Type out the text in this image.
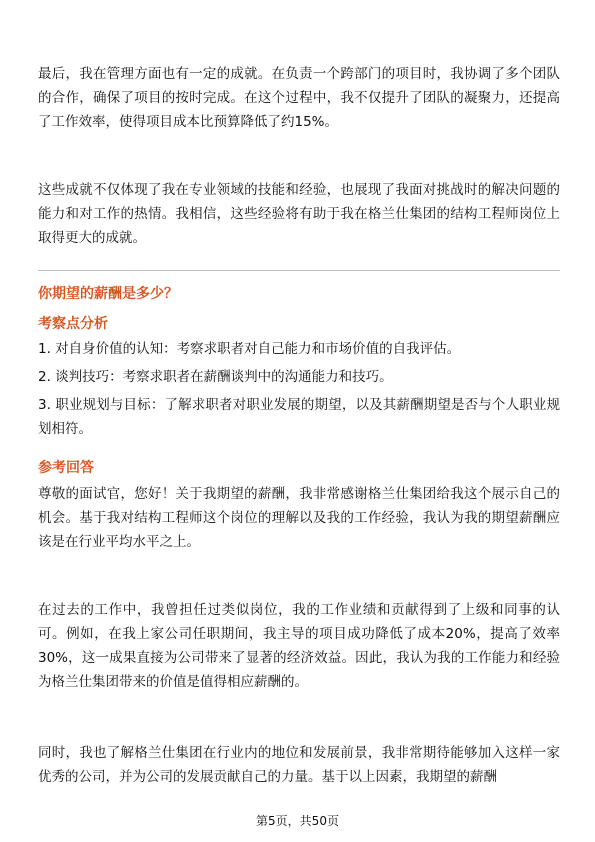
最后，我在管理方面也有一定的成就。在负责一个跨部门的项目时，我协调了多个团队的合作，确保了项目的按时完成。在这个过程中，我不仅提升了团队的凝聚力，还提高了工作效率，使得项目成本比预算降低了约15%。

这些成就不仅体现了我在专业领域的技能和经验，也展现了我面对挑战时的解决问题的能力和对工作的热情。我相信，这些经验将有助于我在格兰仕集团的结构工程师岗位上取得更大的成就。

你期望的薪酬是多少？
考察点分析

1. 对自身价值的认知：考察求职者对自己能力和市场价值的自我评估。

2. 谈判技巧：考察求职者在薪酬谈判中的沟通能力和技巧。

3. 职业规划与目标：了解求职者对职业发展的期望，以及其薪酬期望是否与个人职业规划相符。

参考回答

尊敬的面试官，您好！关于我期望的薪酬，我非常感谢格兰仕集团给我这个展示自己的机会。基于我对结构工程师这个岗位的理解以及我的工作经验，我认为我的期望薪酬应该是在行业平均水平之上。

在过去的工作中，我曾担任过类似岗位，我的工作业绩和贡献得到了上级和同事的认可。例如，在我上家公司任职期间，我主导的项目成功降低了成本20%，提高了效率30%，这一成果直接为公司带来了显著的经济效益。因此，我认为我的工作能力和经验为格兰仕集团带来的价值是值得相应薪酬的。

同时，我也了解格兰仕集团在行业内的地位和发展前景，我非常期待能够加入这样一家优秀的公司，并为公司的发展贡献自己的力量。基于以上因素，我期望的薪酬

第5页，共50页
